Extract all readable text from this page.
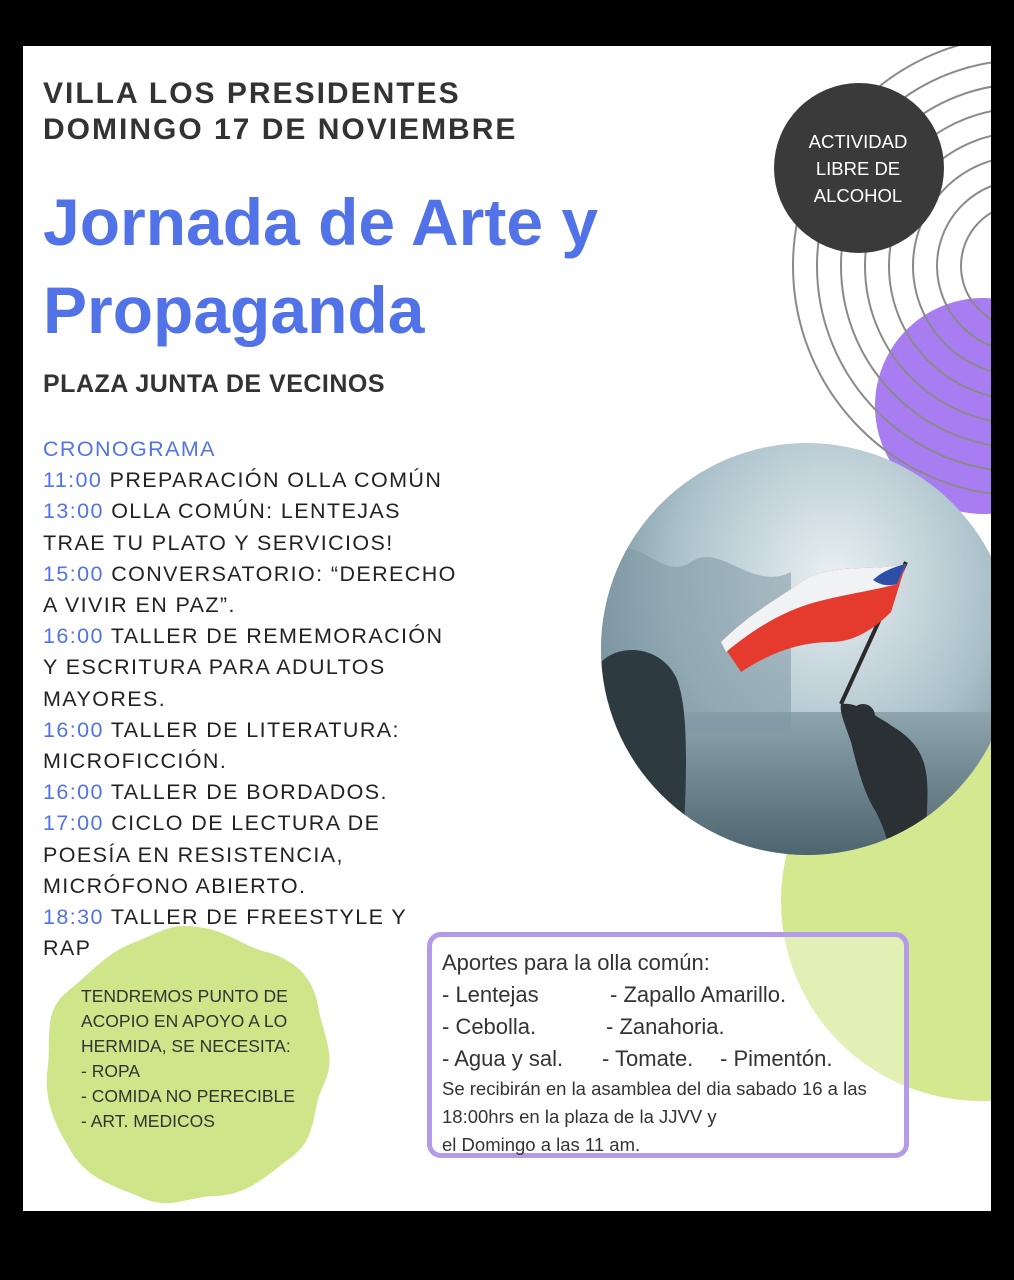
VILLA LOS PRESIDENTES
DOMINGO 17 DE NOVIEMBRE
Jornada de Arte y
Propaganda
PLAZA JUNTA DE VECINOS
ACTIVIDAD
LIBRE DE
ALCOHOL
CRONOGRAMA
11:00 PREPARACIÓN OLLA COMÚN
13:00 OLLA COMÚN: LENTEJAS
TRAE TU PLATO Y SERVICIOS!
15:00 CONVERSATORIO: “DERECHO
A VIVIR EN PAZ”.
16:00 TALLER DE REMEMORACIÓN
Y ESCRITURA PARA ADULTOS
MAYORES.
16:00 TALLER DE LITERATURA:
MICROFICCIÓN.
16:00 TALLER DE BORDADOS.
17:00 CICLO DE LECTURA DE
POESÍA EN RESISTENCIA,
MICRÓFONO ABIERTO.
18:30 TALLER DE FREESTYLE Y
RAP
TENDREMOS PUNTO DE
ACOPIO EN APOYO A LO
HERMIDA, SE NECESITA:
- ROPA
- COMIDA NO PERECIBLE
- ART. MEDICOS
Aportes para la olla común:
- Lentejas	- Zapallo Amarillo.
- Cebolla.	- Zanahoria.
- Agua y sal. - Tomate. - Pimentón.
Se recibirán en la asamblea del dia sabado 16 a las
18:00hrs en la plaza de la JJVV y
el Domingo a las 11 am.
